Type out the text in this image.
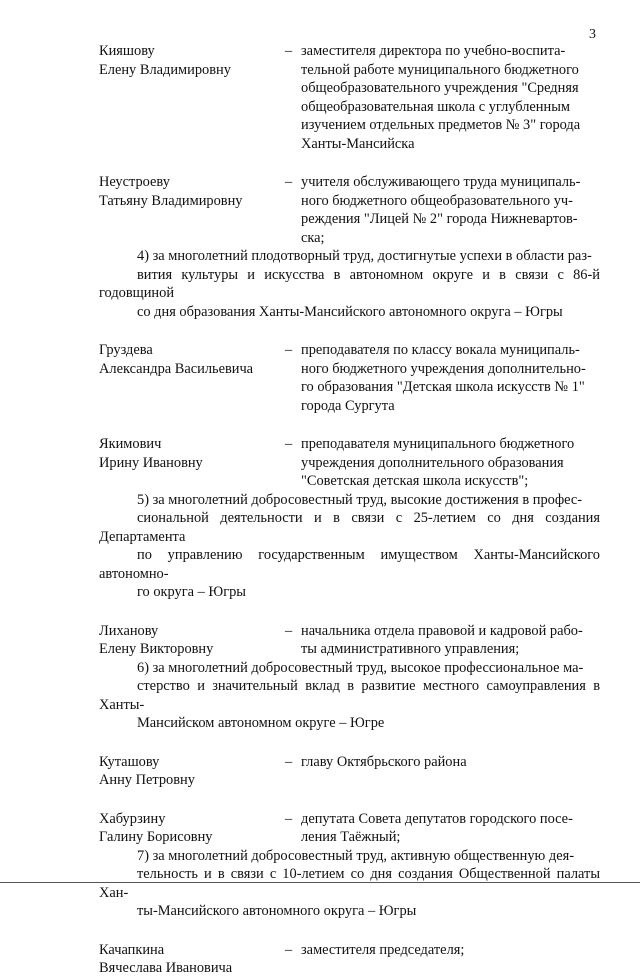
3
Кияшову
Елену Владимировну
– заместителя директора по учебно-воспита-
тельной работе муниципального бюджетного
общеобразовательного учреждения "Средняя
общеобразовательная школа с углубленным
изучением отдельных предметов № 3" города
Ханты-Мансийска
Неустроеву
Татьяну Владимировну
– учителя обслуживающего труда муниципаль-
ного бюджетного общеобразовательного уч-
реждения "Лицей № 2" города Нижневартов-
ска;
4) за многолетний плодотворный труд, достигнутые успехи в области раз-
вития культуры и искусства в автономном округе и в связи с 86-й годовщиной
со дня образования Ханты-Мансийского автономного округа – Югры
Груздева
Александра Васильевича
– преподавателя по классу вокала муниципаль-
ного бюджетного учреждения дополнительно-
го образования "Детская школа искусств № 1"
города Сургута
Якимович
Ирину Ивановну
– преподавателя муниципального бюджетного
учреждения дополнительного образования
"Советская детская школа искусств";
5) за многолетний добросовестный труд, высокие достижения в профес-
сиональной деятельности и в связи с 25-летием со дня создания Департамента
по управлению государственным имуществом Ханты-Мансийского автономно-
го округа – Югры
Лиханову
Елену Викторовну
– начальника отдела правовой и кадровой рабо-
ты административного управления;
6) за многолетний добросовестный труд, высокое профессиональное ма-
стерство и значительный вклад в развитие местного самоуправления в Ханты-
Мансийском автономном округе – Югре
Куташову
Анну Петровну
– главу Октябрьского района
Хабурзину
Галину Борисовну
– депутата Совета депутатов городского посе-
ления Таёжный;
7) за многолетний добросовестный труд, активную общественную дея-
тельность и в связи с 10-летием со дня создания Общественной палаты Хан-
ты-Мансийского автономного округа – Югры
Качапкина
Вячеслава Ивановича
– заместителя председателя;
